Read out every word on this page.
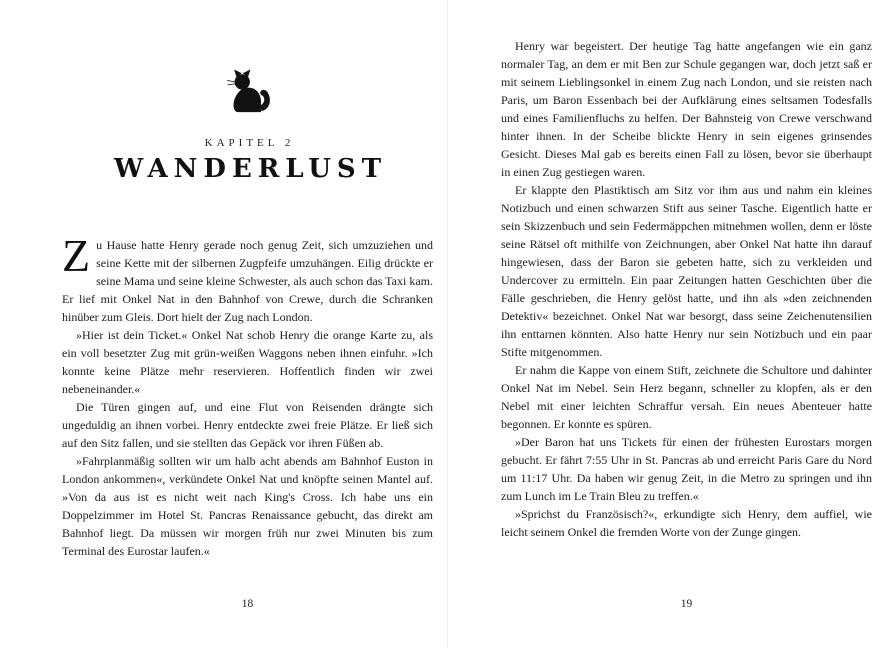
KAPITEL 2
WANDERLUST

Zu Hause hatte Henry gerade noch genug Zeit, sich umzuziehen und seine Kette mit der silbernen Zugpfeife umzuhängen. Eilig drückte er seine Mama und seine kleine Schwester, als auch schon das Taxi kam. Er lief mit Onkel Nat in den Bahnhof von Crewe, durch die Schranken hinüber zum Gleis. Dort hielt der Zug nach London.

»Hier ist dein Ticket.« Onkel Nat schob Henry die orange Karte zu, als ein voll besetzter Zug mit grün-weißen Waggons neben ihnen einfuhr. »Ich konnte keine Plätze mehr reservieren. Hoffentlich finden wir zwei nebeneinander.«

Die Türen gingen auf, und eine Flut von Reisenden drängte sich ungeduldig an ihnen vorbei. Henry entdeckte zwei freie Plätze. Er ließ sich auf den Sitz fallen, und sie stellten das Gepäck vor ihren Füßen ab.

»Fahrplanmäßig sollten wir um halb acht abends am Bahnhof Euston in London ankommen«, verkündete Onkel Nat und knöpfte seinen Mantel auf. »Von da aus ist es nicht weit nach King's Cross. Ich habe uns ein Doppelzimmer im Hotel St. Pancras Renaissance gebucht, das direkt am Bahnhof liegt. Da müssen wir morgen früh nur zwei Minuten bis zum Terminal des Eurostar laufen.«

18

Henry war begeistert. Der heutige Tag hatte angefangen wie ein ganz normaler Tag, an dem er mit Ben zur Schule gegangen war, doch jetzt saß er mit seinem Lieblingsonkel in einem Zug nach London, und sie reisten nach Paris, um Baron Essenbach bei der Aufklärung eines seltsamen Todesfalls und eines Familienfluchs zu helfen. Der Bahnsteig von Crewe verschwand hinter ihnen. In der Scheibe blickte Henry in sein eigenes grinsendes Gesicht. Dieses Mal gab es bereits einen Fall zu lösen, bevor sie überhaupt in einen Zug gestiegen waren.

Er klappte den Plastiktisch am Sitz vor ihm aus und nahm ein kleines Notizbuch und einen schwarzen Stift aus seiner Tasche. Eigentlich hatte er sein Skizzenbuch und sein Federmäppchen mitnehmen wollen, denn er löste seine Rätsel oft mithilfe von Zeichnungen, aber Onkel Nat hatte ihn darauf hingewiesen, dass der Baron sie gebeten hatte, sich zu verkleiden und Undercover zu ermitteln. Ein paar Zeitungen hatten Geschichten über die Fälle geschrieben, die Henry gelöst hatte, und ihn als »den zeichnenden Detektiv« bezeichnet. Onkel Nat war besorgt, dass seine Zeichenutensilien ihn enttarnen könnten. Also hatte Henry nur sein Notizbuch und ein paar Stifte mitgenommen.

Er nahm die Kappe von einem Stift, zeichnete die Schultore und dahinter Onkel Nat im Nebel. Sein Herz begann, schneller zu klopfen, als er den Nebel mit einer leichten Schraffur versah. Ein neues Abenteuer hatte begonnen. Er konnte es spüren.

»Der Baron hat uns Tickets für einen der frühesten Eurostars morgen gebucht. Er fährt 7:55 Uhr in St. Pancras ab und erreicht Paris Gare du Nord um 11:17 Uhr. Da haben wir genug Zeit, in die Metro zu springen und ihn zum Lunch im Le Train Bleu zu treffen.«

»Sprichst du Französisch?«, erkundigte sich Henry, dem auffiel, wie leicht seinem Onkel die fremden Worte von der Zunge gingen.

19
